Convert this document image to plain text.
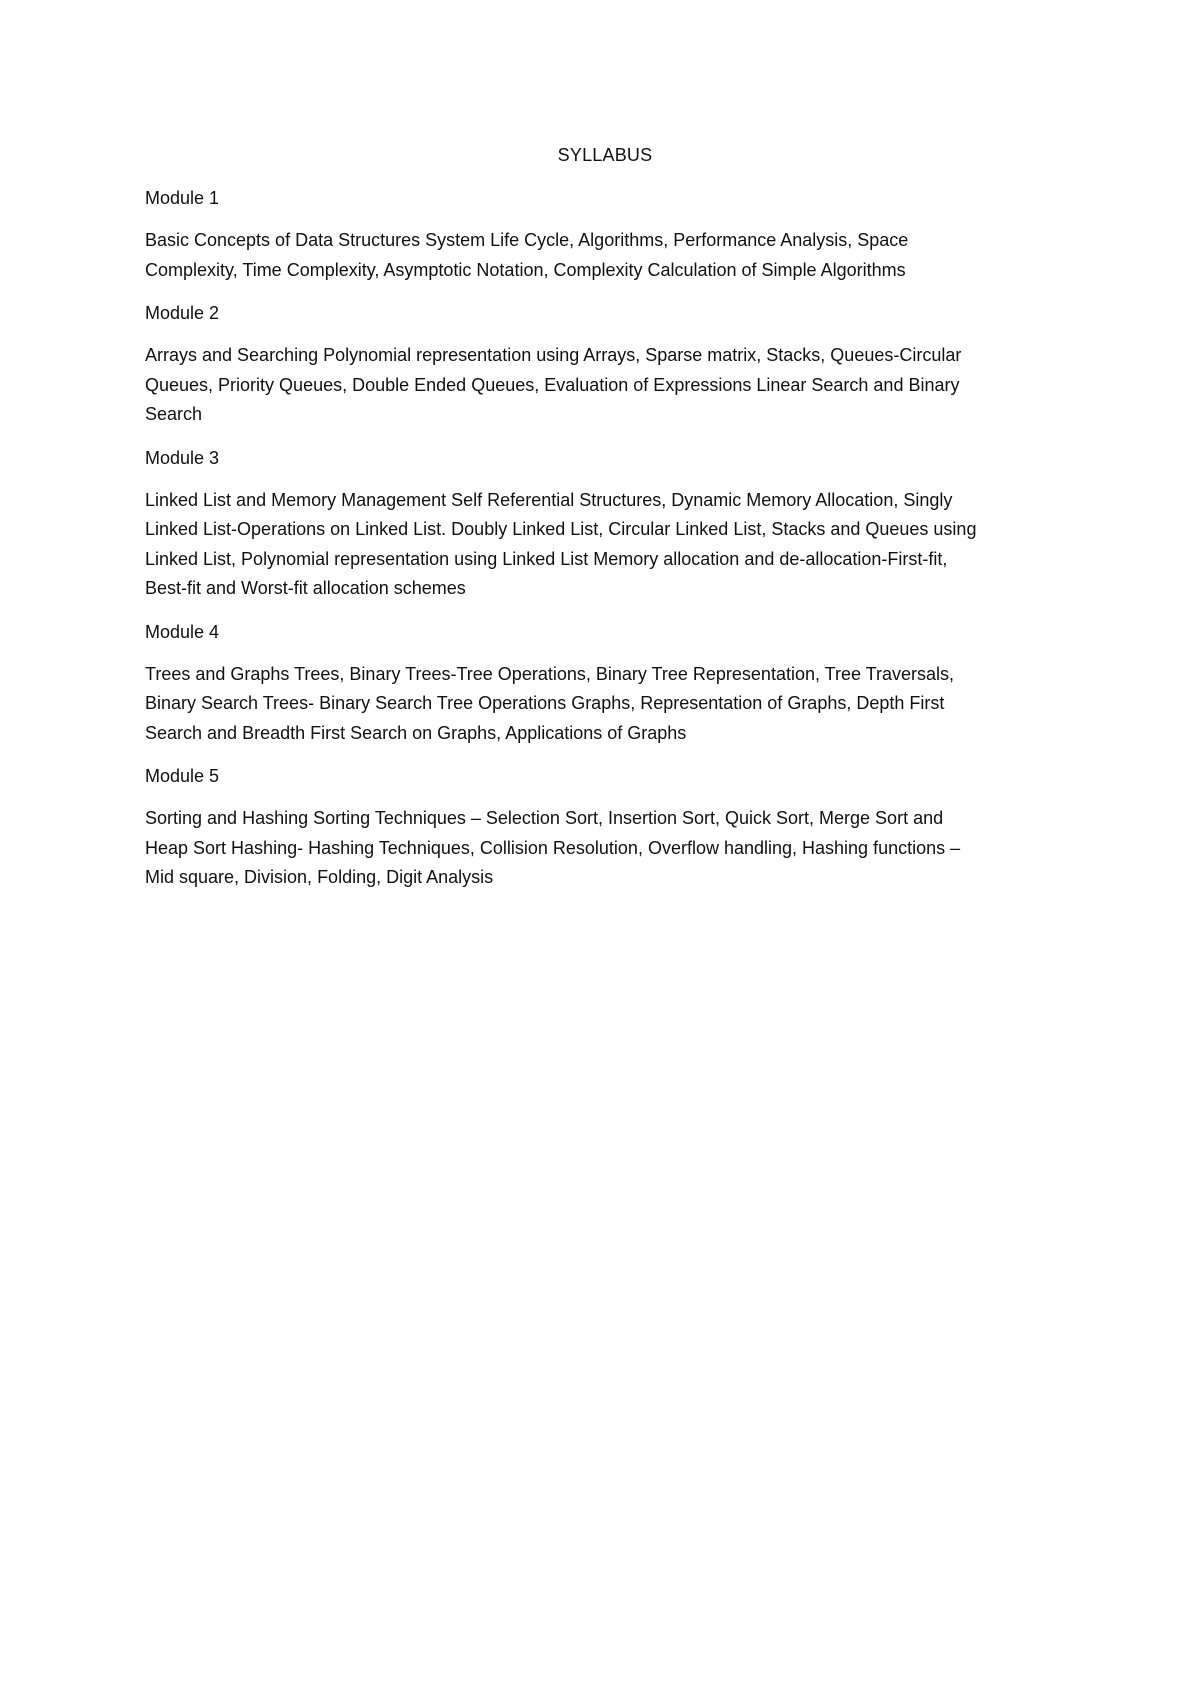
SYLLABUS
Module 1
Basic Concepts of Data Structures System Life Cycle, Algorithms, Performance Analysis, Space
Complexity, Time Complexity, Asymptotic Notation, Complexity Calculation of Simple Algorithms
Module 2
Arrays and Searching Polynomial representation using Arrays, Sparse matrix, Stacks, Queues-Circular
Queues, Priority Queues, Double Ended Queues, Evaluation of Expressions Linear Search and Binary
Search
Module 3
Linked List and Memory Management Self Referential Structures, Dynamic Memory Allocation, Singly
Linked List-Operations on Linked List. Doubly Linked List, Circular Linked List, Stacks and Queues using
Linked List, Polynomial representation using Linked List Memory allocation and de-allocation-First-fit,
Best-fit and Worst-fit allocation schemes
Module 4
Trees and Graphs Trees, Binary Trees-Tree Operations, Binary Tree Representation, Tree Traversals,
Binary Search Trees- Binary Search Tree Operations Graphs, Representation of Graphs, Depth First
Search and Breadth First Search on Graphs, Applications of Graphs
Module 5
Sorting and Hashing Sorting Techniques – Selection Sort, Insertion Sort, Quick Sort, Merge Sort and
Heap Sort Hashing- Hashing Techniques, Collision Resolution, Overflow handling, Hashing functions –
Mid square, Division, Folding, Digit Analysis
